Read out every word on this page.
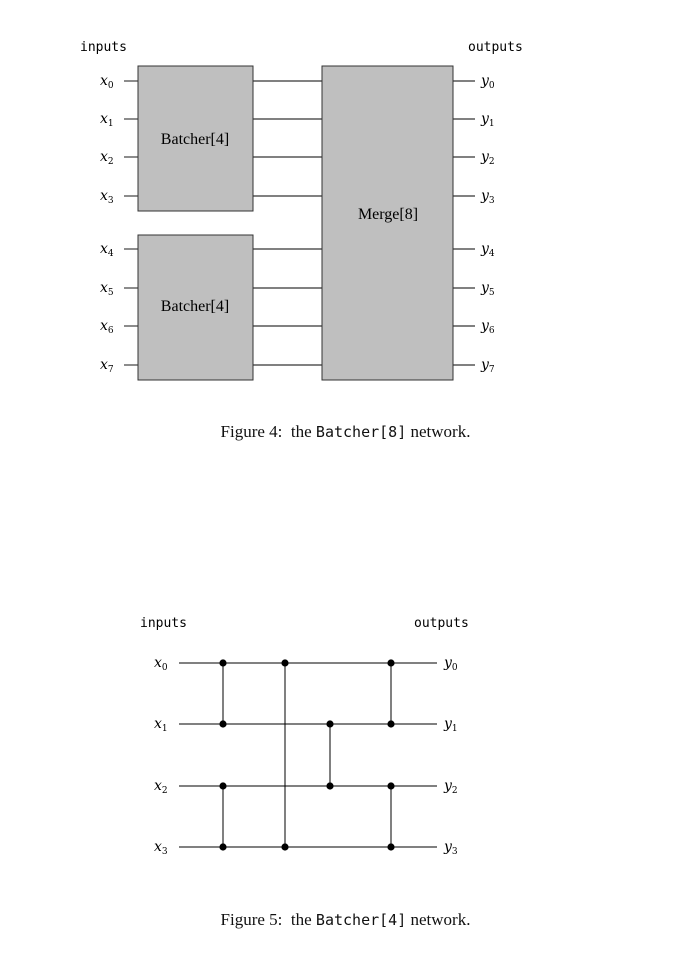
inputs	outputs
Batcher[4]
Batcher[4]
Merge[8]
x0	y0
x1	y1
x2	y2
x3	y3
x4	y4
x5	y5
x6	y6
x7	y7
inputs	outputs
x0	y0
x1	y1
x2	y2
x3	y3
Figure 4:  the Batcher[8] network.
Figure 5:  the Batcher[4] network.
